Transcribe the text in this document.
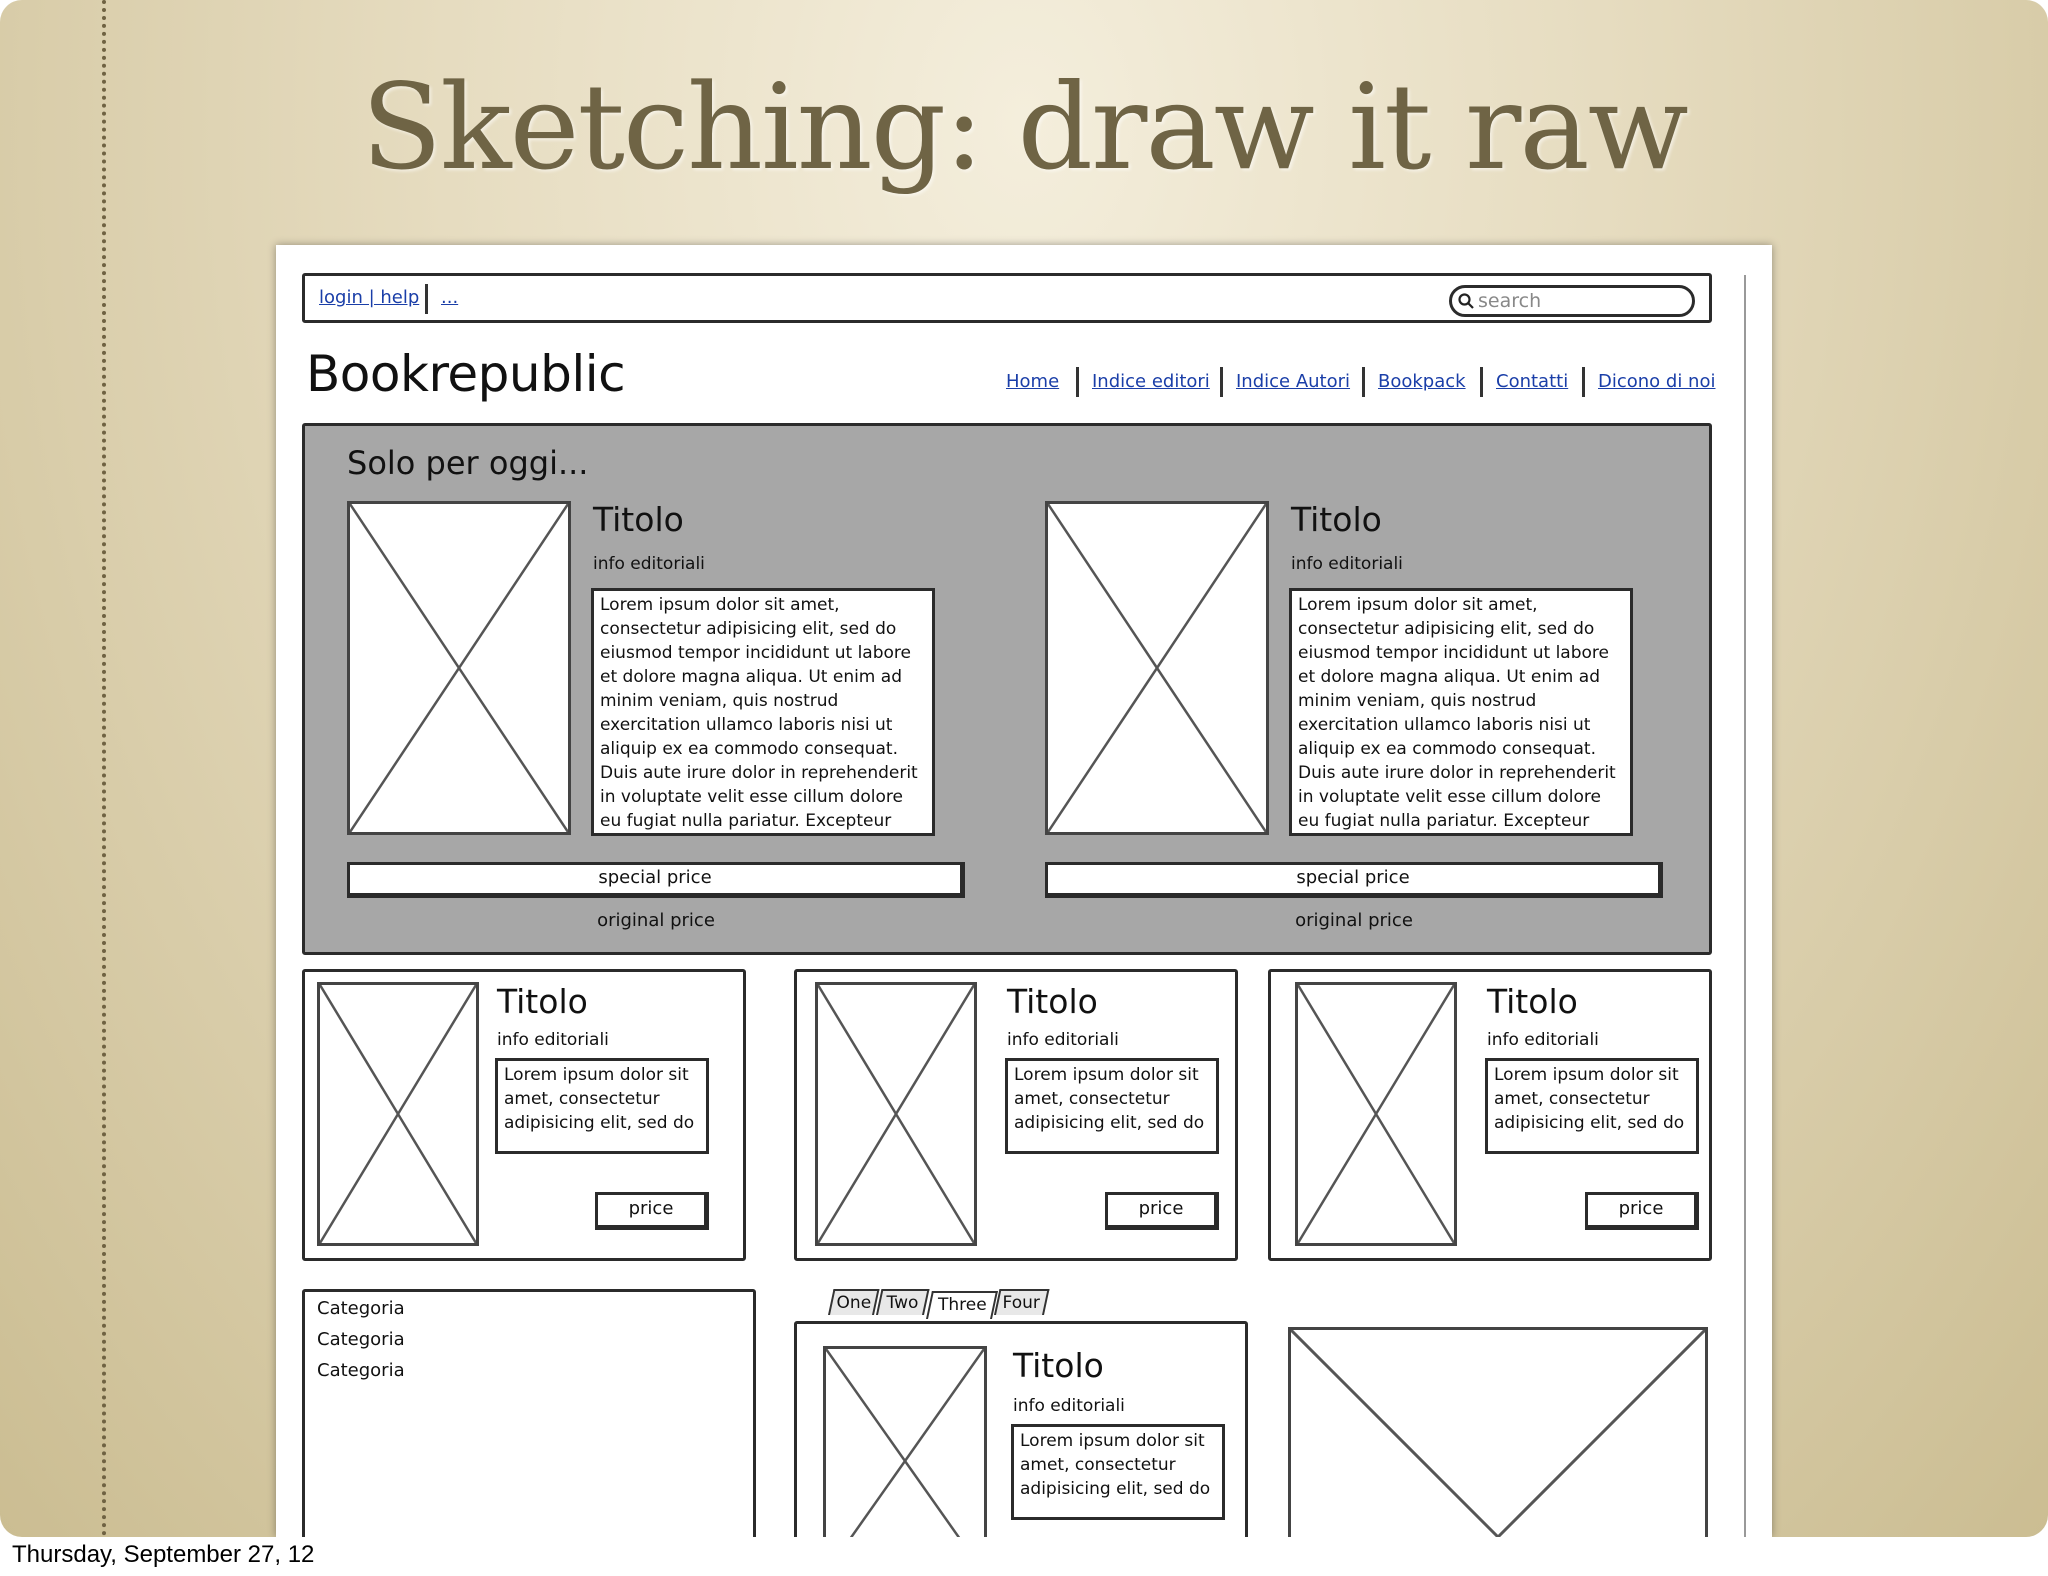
Sketching: draw it raw
login | help ...	search
Bookrepublic	Home Indice editori Indice Autori Bookpack Contatti Dicono di noi
Solo per oggi...
Titolo
info editoriali
Lorem ipsum dolor sit amet, consectetur adipisicing elit, sed do eiusmod tempor incididunt ut labore et dolore magna aliqua. Ut enim ad minim veniam, quis nostrud exercitation ullamco laboris nisi ut aliquip ex ea commodo consequat. Duis aute irure dolor in reprehenderit in voluptate velit esse cillum dolore eu fugiat nulla pariatur. Excepteur
special price
original price
Titolo
info editoriali
Lorem ipsum dolor sit amet, consectetur adipisicing elit, sed do eiusmod tempor incididunt ut labore et dolore magna aliqua. Ut enim ad minim veniam, quis nostrud exercitation ullamco laboris nisi ut aliquip ex ea commodo consequat. Duis aute irure dolor in reprehenderit in voluptate velit esse cillum dolore eu fugiat nulla pariatur. Excepteur
special price
original price
Titolo
info editoriali
Lorem ipsum dolor sit amet, consectetur adipisicing elit, sed do
price
Titolo
info editoriali
Lorem ipsum dolor sit amet, consectetur adipisicing elit, sed do
price
Titolo
info editoriali
Lorem ipsum dolor sit amet, consectetur adipisicing elit, sed do
price
Categoria
Categoria
Categoria
One Two	Three Four
Titolo
info editoriali
Lorem ipsum dolor sit amet, consectetur adipisicing elit, sed do
Thursday, September 27, 12
